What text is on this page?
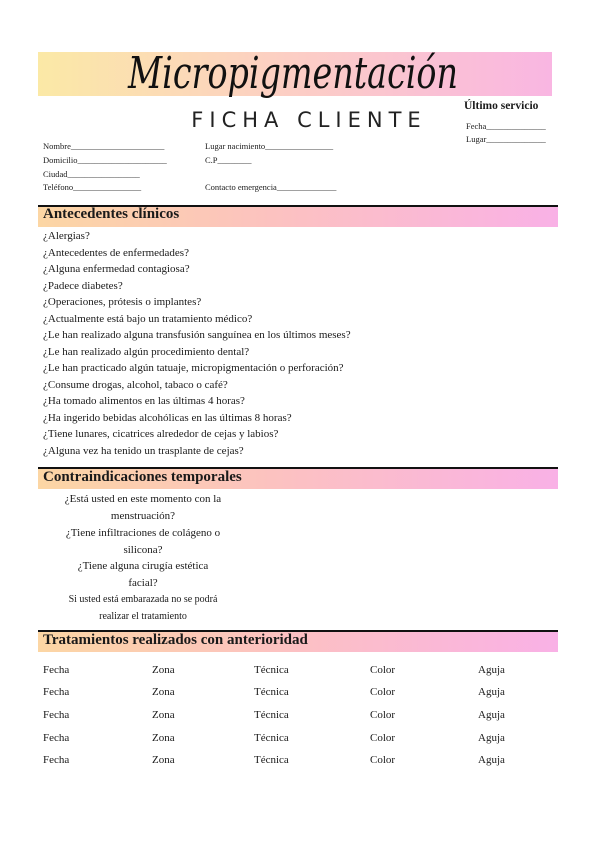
Micropigmentación
FICHA CLIENTE
Último servicio
Fecha______________
Lugar______________
Nombre______________________	Lugar nacimiento________________
Domicilio_____________________	C.P________
Ciudad_________________
Teléfono________________	Contacto emergencia______________
Antecedentes clínicos
¿Alergias?
¿Antecedentes de enfermedades?
¿Alguna enfermedad contagiosa?
¿Padece diabetes?
¿Operaciones, prótesis o implantes?
¿Actualmente está bajo un tratamiento médico?
¿Le han realizado alguna transfusión sanguínea en los últimos meses?
¿Le han realizado algún procedimiento dental?
¿Le han practicado algún tatuaje, micropigmentación o perforación?
¿Consume drogas, alcohol, tabaco o café?
¿Ha tomado alimentos en las últimas 4 horas?
¿Ha ingerido bebidas alcohólicas en las últimas 8 horas?
¿Tiene lunares, cicatrices alrededor de cejas y labios?
¿Alguna vez ha tenido un trasplante de cejas?
Contraindicaciones temporales
¿Está usted en este momento con la
menstruación?
¿Tiene infiltraciones de colágeno o
silicona?
¿Tiene alguna cirugía estética
facial?
Si usted está embarazada no se podrá
realizar el tratamiento
Tratamientos realizados con anterioridad
Fecha	Zona	Técnica	Color	Aguja
Fecha	Zona	Técnica	Color	Aguja
Fecha	Zona	Técnica	Color	Aguja
Fecha	Zona	Técnica	Color	Aguja
Fecha	Zona	Técnica	Color	Aguja
